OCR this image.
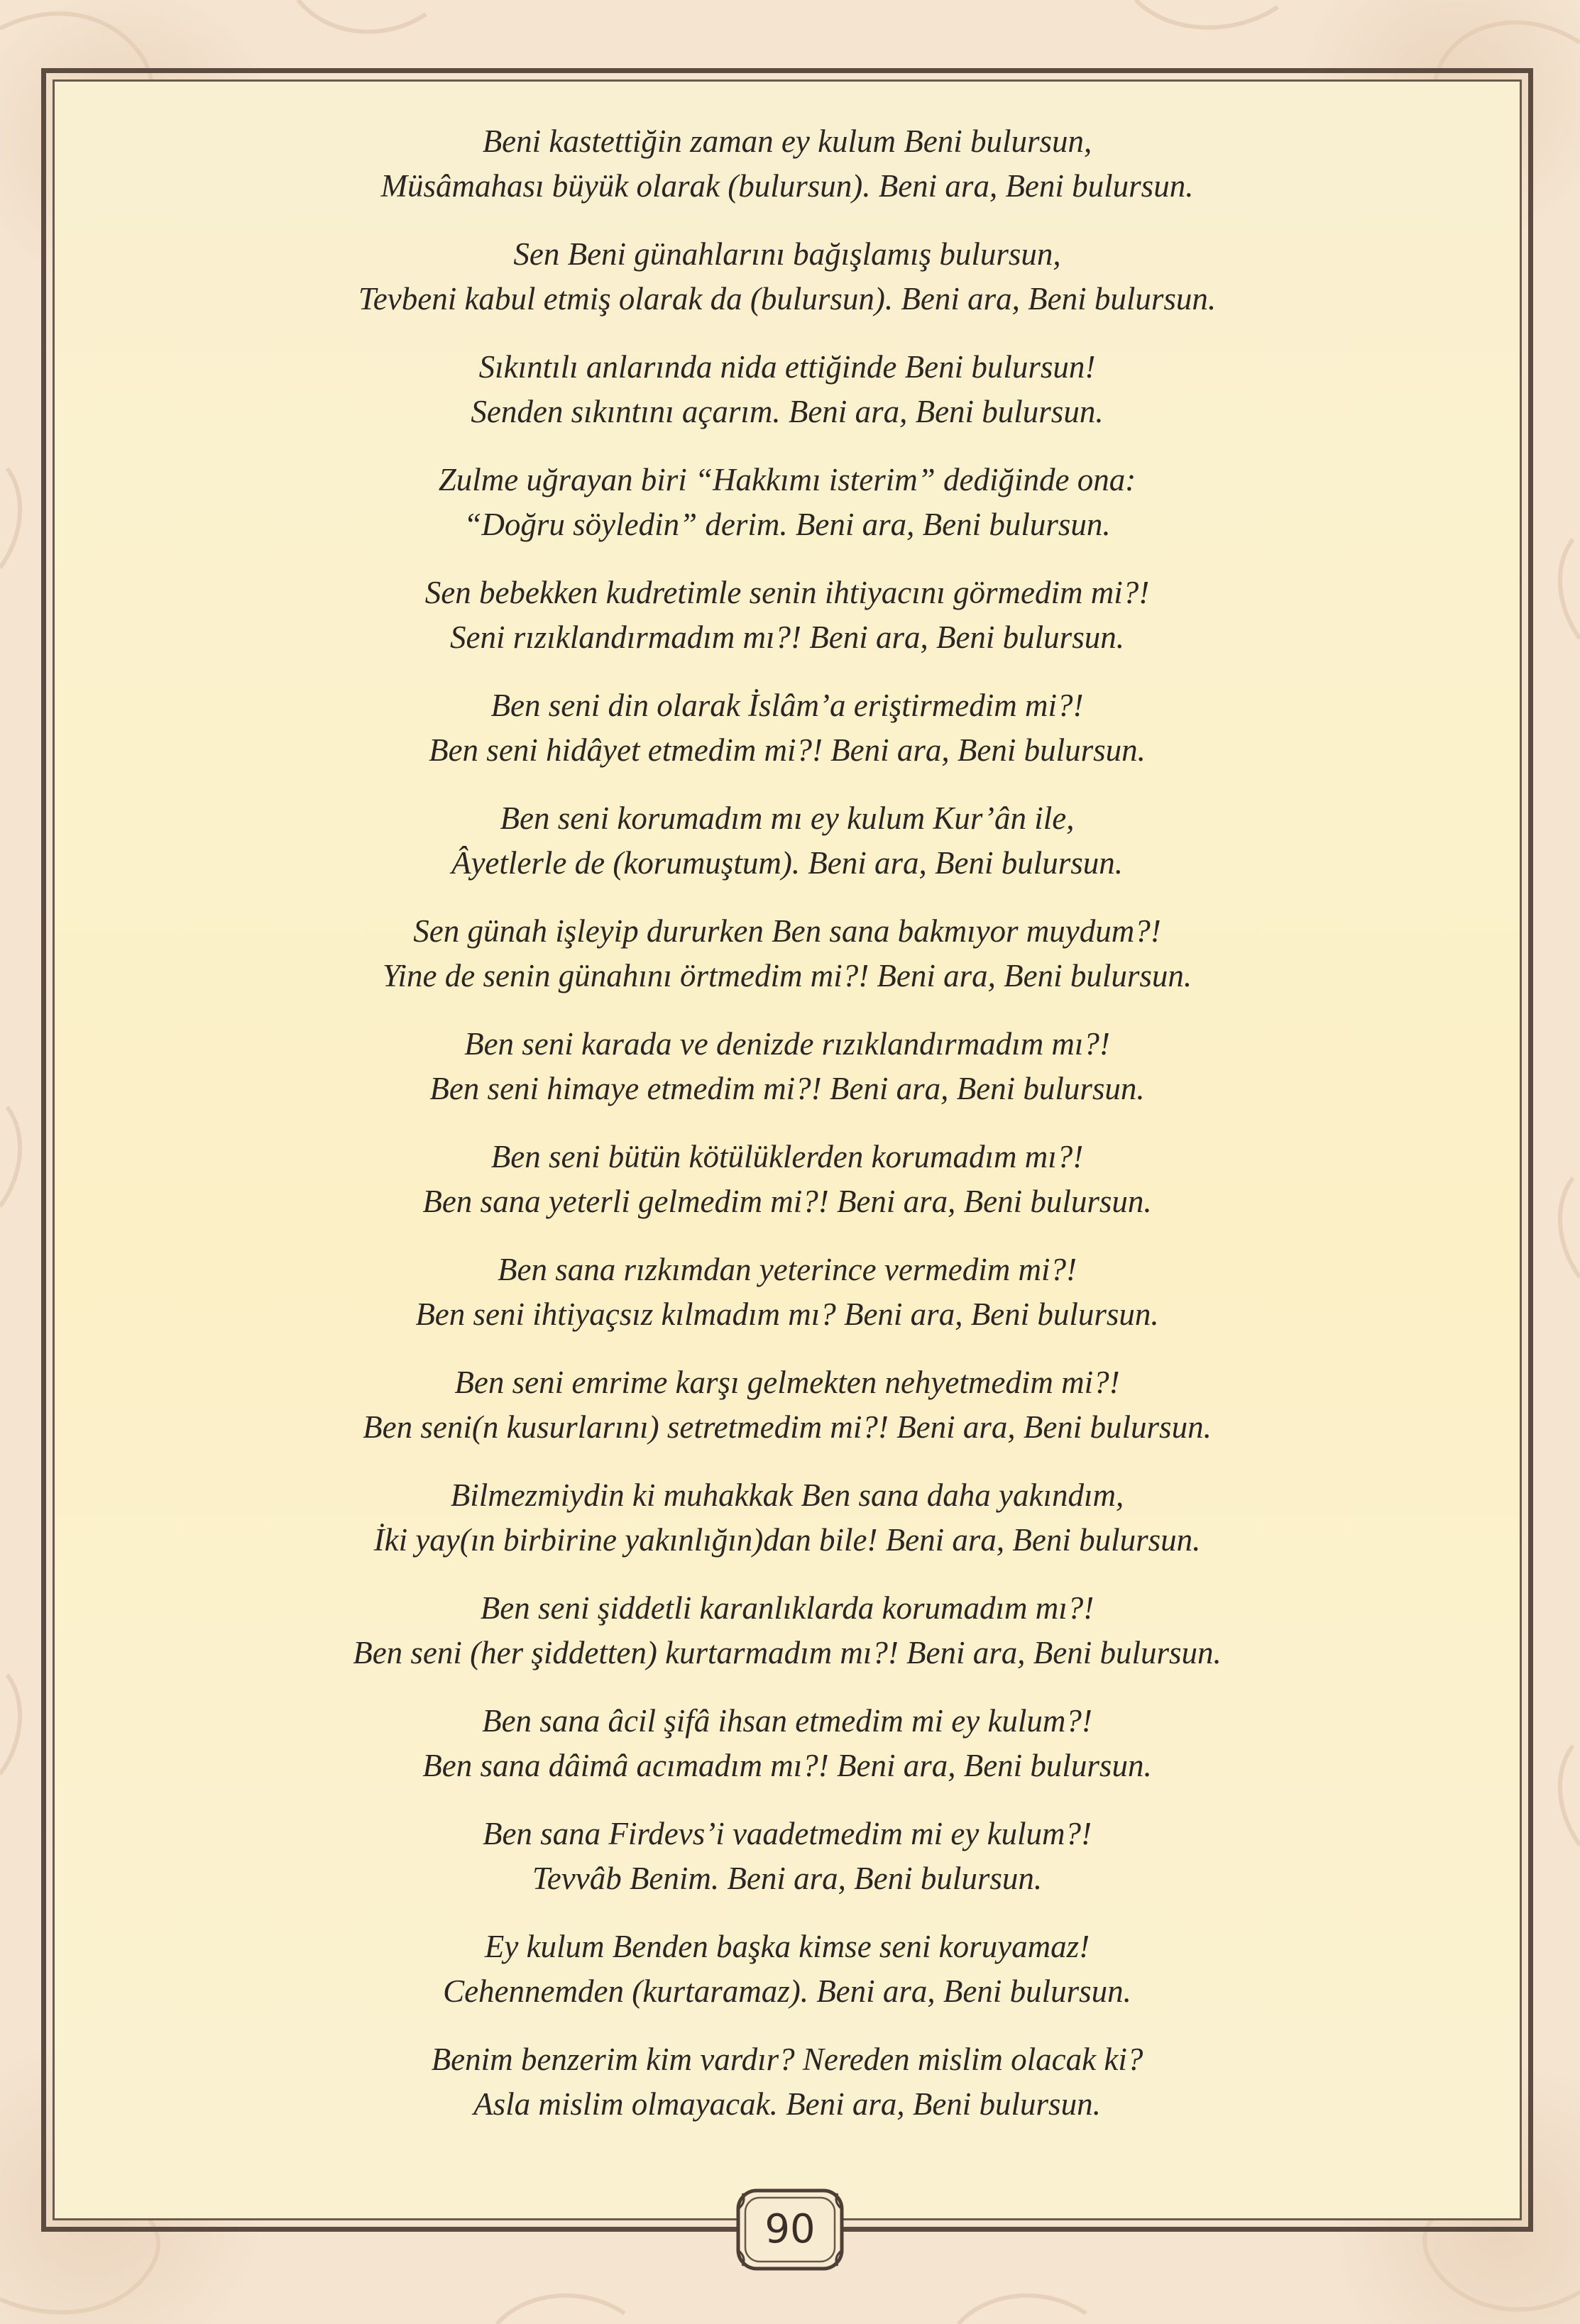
Beni kastettiğin zaman ey kulum Beni bulursun,
Müsâmahası büyük olarak (bulursun). Beni ara, Beni bulursun.
Sen Beni günahlarını bağışlamış bulursun,
Tevbeni kabul etmiş olarak da (bulursun). Beni ara, Beni bulursun.
Sıkıntılı anlarında nida ettiğinde Beni bulursun!
Senden sıkıntını açarım. Beni ara, Beni bulursun.
Zulme uğrayan biri “Hakkımı isterim” dediğinde ona:
“Doğru söyledin” derim. Beni ara, Beni bulursun.
Sen bebekken kudretimle senin ihtiyacını görmedim mi?!
Seni rızıklandırmadım mı?! Beni ara, Beni bulursun.
Ben seni din olarak İslâm’a eriştirmedim mi?!
Ben seni hidâyet etmedim mi?! Beni ara, Beni bulursun.
Ben seni korumadım mı ey kulum Kur’ân ile,
Âyetlerle de (korumuştum). Beni ara, Beni bulursun.
Sen günah işleyip dururken Ben sana bakmıyor muydum?!
Yine de senin günahını örtmedim mi?! Beni ara, Beni bulursun.
Ben seni karada ve denizde rızıklandırmadım mı?!
Ben seni himaye etmedim mi?! Beni ara, Beni bulursun.
Ben seni bütün kötülüklerden korumadım mı?!
Ben sana yeterli gelmedim mi?! Beni ara, Beni bulursun.
Ben sana rızkımdan yeterince vermedim mi?!
Ben seni ihtiyaçsız kılmadım mı? Beni ara, Beni bulursun.
Ben seni emrime karşı gelmekten nehyetmedim mi?!
Ben seni(n kusurlarını) setretmedim mi?! Beni ara, Beni bulursun.
Bilmezmiydin ki muhakkak Ben sana daha yakındım,
İki yay(ın birbirine yakınlığın)dan bile! Beni ara, Beni bulursun.
Ben seni şiddetli karanlıklarda korumadım mı?!
Ben seni (her şiddetten) kurtarmadım mı?! Beni ara, Beni bulursun.
Ben sana âcil şifâ ihsan etmedim mi ey kulum?!
Ben sana dâimâ acımadım mı?! Beni ara, Beni bulursun.
Ben sana Firdevs’i vaadetmedim mi ey kulum?!
Tevvâb Benim. Beni ara, Beni bulursun.
Ey kulum Benden başka kimse seni koruyamaz!
Cehennemden (kurtaramaz). Beni ara, Beni bulursun.
Benim benzerim kim vardır? Nereden mislim olacak ki?
Asla mislim olmayacak. Beni ara, Beni bulursun.
90
